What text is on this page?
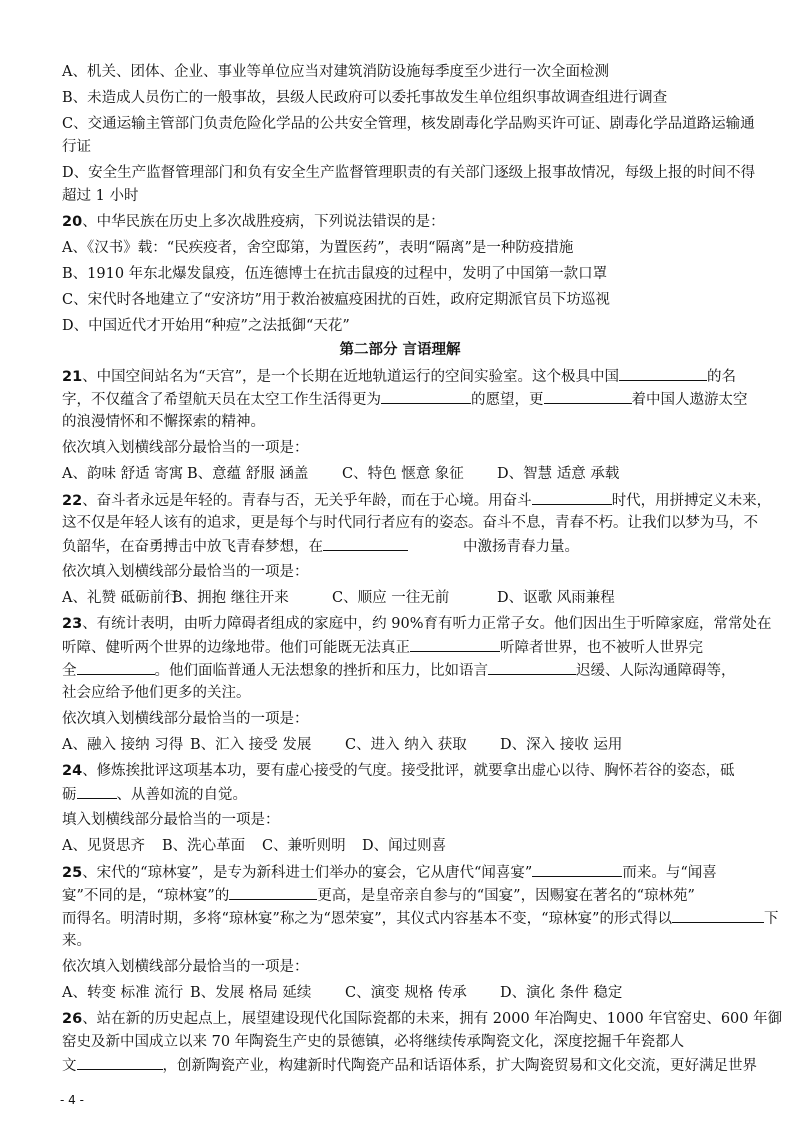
A、机关、团体、企业、事业等单位应当对建筑消防设施每季度至少进行一次全面检测
B、未造成人员伤亡的一般事故，县级人民政府可以委托事故发生单位组织事故调查组进行调查
C、交通运输主管部门负责危险化学品的公共安全管理，核发剧毒化学品购买许可证、剧毒化学品道路运输通
行证
D、安全生产监督管理部门和负有安全生产监督管理职责的有关部门逐级上报事故情况，每级上报的时间不得
超过 1 小时
20、中华民族在历史上多次战胜疫病，下列说法错误的是：
A、《汉书》载：“民疾疫者，舍空邸第，为置医药”，表明“隔离”是一种防疫措施
B、1910 年东北爆发鼠疫，伍连德博士在抗击鼠疫的过程中，发明了中国第一款口罩
C、宋代时各地建立了“安济坊”用于救治被瘟疫困扰的百姓，政府定期派官员下坊巡视
D、中国近代才开始用“种痘”之法抵御“天花”
第二部分 言语理解
21、中国空间站名为“天宫”，是一个长期在近地轨道运行的空间实验室。这个极具中国	的名
字，不仅蕴含了希望航天员在太空工作生活得更为	的愿望，更	着中国人遨游太空
的浪漫情怀和不懈探索的精神。
依次填入划横线部分最恰当的一项是：
A、韵味 舒适 寄寓 B、意蕴 舒服 涵盖 C、特色 惬意 象征 D、智慧 适意 承载
22、奋斗者永远是年轻的。青春与否，无关乎年龄，而在于心境。用奋斗	时代，用拼搏定义未来，
这不仅是年轻人该有的追求，更是每个与时代同行者应有的姿态。奋斗不息，青春不朽。让我们以梦为马，不
负韶华，在奋勇搏击中放飞青春梦想，在	中激扬青春力量。
依次填入划横线部分最恰当的一项是：
A、礼赞 砥砺前行B、拥抱 继往开来	C、顺应 一往无前	D、讴歌 风雨兼程
23、有统计表明，由听力障碍者组成的家庭中，约 90%育有听力正常子女。他们因出生于听障家庭，常常处在
听障、健听两个世界的边缘地带。他们可能既无法真正	听障者世界，也不被听人世界完
全	。他们面临普通人无法想象的挫折和压力，比如语言	迟缓、人际沟通障碍等，
社会应给予他们更多的关注。
依次填入划横线部分最恰当的一项是：
A、融入 接纳 习得 B、汇入 接受 发展 C、进入 纳入 获取 D、深入 接收 运用
24、修炼挨批评这项基本功，要有虚心接受的气度。接受批评，就要拿出虚心以待、胸怀若谷的姿态，砥
砺	、从善如流的自觉。
填入划横线部分最恰当的一项是：
A、见贤思齐 B、洗心革面 C、兼听则明 D、闻过则喜
25、宋代的“琼林宴”，是专为新科进士们举办的宴会，它从唐代“闻喜宴”	而来。与“闻喜
宴”不同的是，“琼林宴”的	更高，是皇帝亲自参与的“国宴”，因赐宴在著名的“琼林苑”
而得名。明清时期，多将“琼林宴”称之为“恩荣宴”，其仪式内容基本不变，“琼林宴”的形式得以	下
来。
依次填入划横线部分最恰当的一项是：
A、转变 标准 流行 B、发展 格局 延续 C、演变 规格 传承 D、演化 条件 稳定
26、站在新的历史起点上，展望建设现代化国际瓷都的未来，拥有 2000 年冶陶史、1000 年官窑史、600 年御
窑史及新中国成立以来 70 年陶瓷生产史的景德镇，必将继续传承陶瓷文化，深度挖掘千年瓷都人
文	，创新陶瓷产业，构建新时代陶瓷产品和话语体系，扩大陶瓷贸易和文化交流，更好满足世界
- 4 -
